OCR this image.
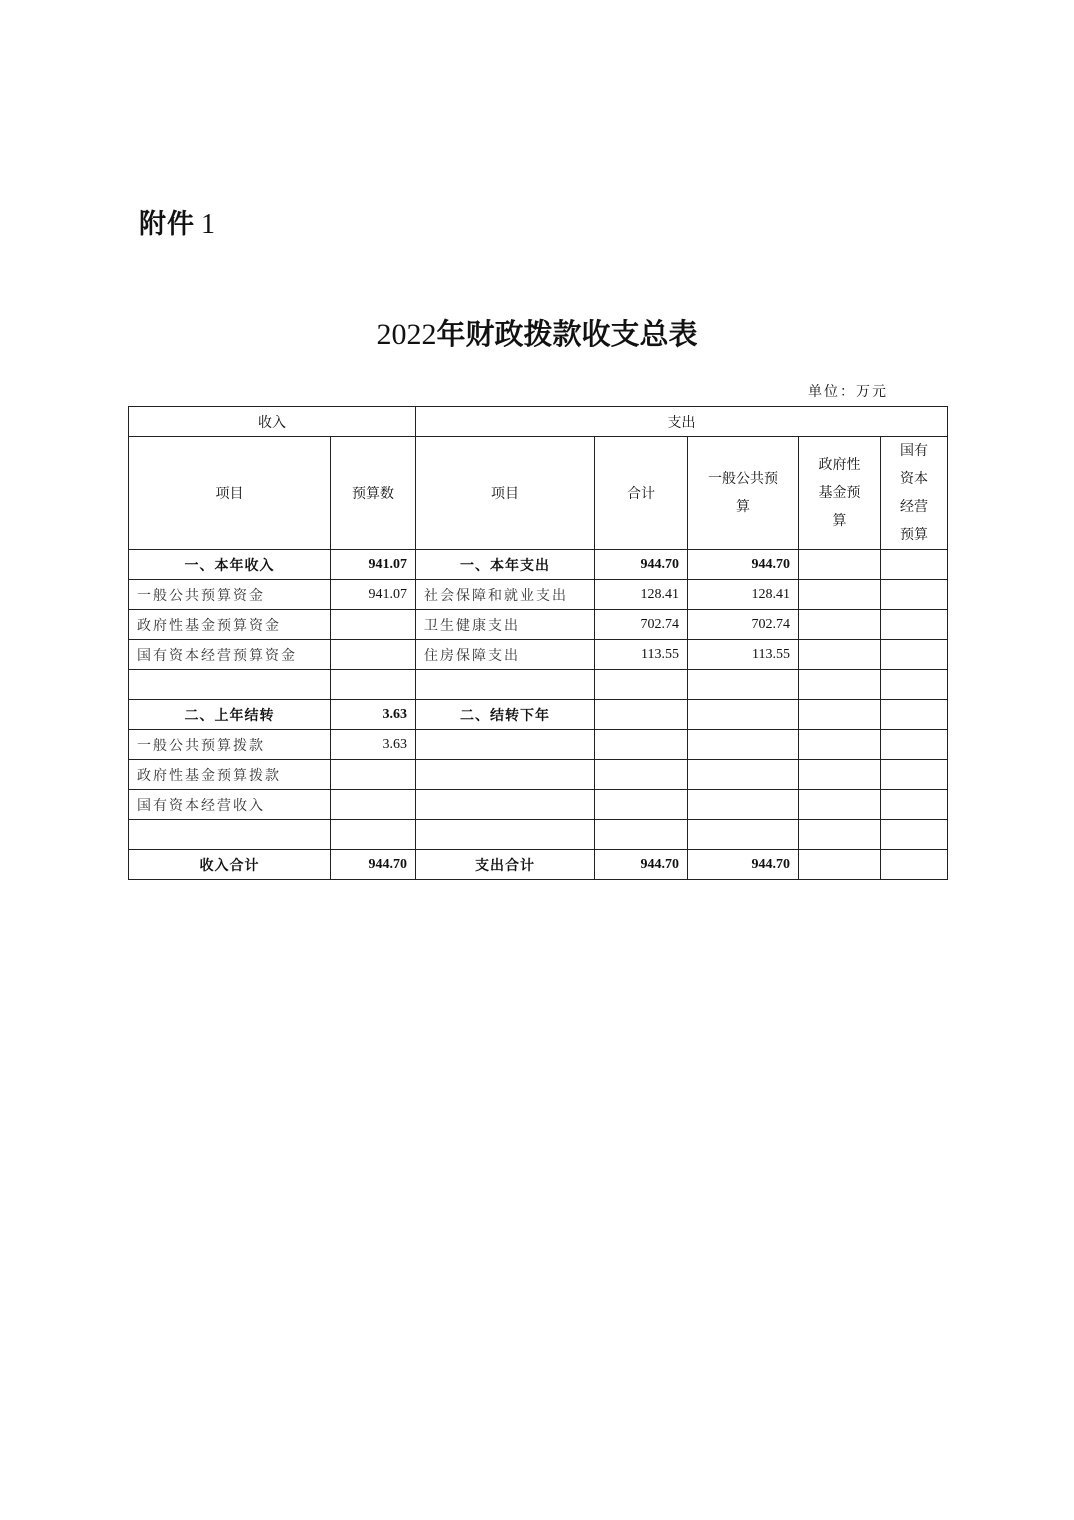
附件 1
2022年财政拨款收支总表
单位：万元
收入		支出				
项目	预算数	项目	合计	一般公共预算	政府性基金预算	国有资本经营预算
一、本年收入	941.07	一、本年支出	944.70	944.70		
一般公共预算资金	941.07	社会保障和就业支出	128.41	128.41		
政府性基金预算资金		卫生健康支出	702.74	702.74		
国有资本经营预算资金		住房保障支出	113.55	113.55		

二、上年结转	3.63	二、结转下年				
一般公共预算拨款	3.63					
政府性基金预算拨款						
国有资本经营收入						

收入合计	944.70	支出合计	944.70	944.70		
